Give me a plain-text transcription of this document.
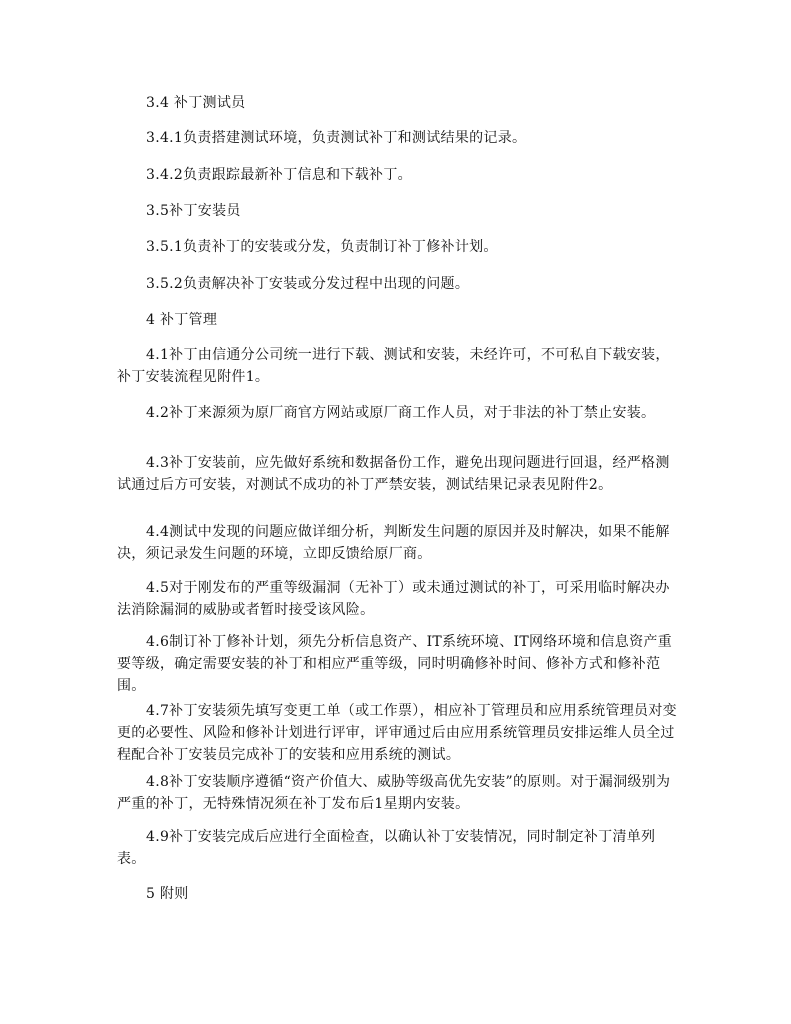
3.4 补丁测试员

3.4.1负责搭建测试环境，负责测试补丁和测试结果的记录。

3.4.2负责跟踪最新补丁信息和下载补丁。

3.5补丁安装员

3.5.1负责补丁的安装或分发，负责制订补丁修补计划。

3.5.2负责解决补丁安装或分发过程中出现的问题。

4 补丁管理

4.1补丁由信通分公司统一进行下载、测试和安装，未经许可，不可私自下载安装，补丁安装流程见附件1。

4.2补丁来源须为原厂商官方网站或原厂商工作人员，对于非法的补丁禁止安装。

4.3补丁安装前，应先做好系统和数据备份工作，避免出现问题进行回退，经严格测试通过后方可安装，对测试不成功的补丁严禁安装，测试结果记录表见附件2。

4.4测试中发现的问题应做详细分析，判断发生问题的原因并及时解决，如果不能解决，须记录发生问题的环境，立即反馈给原厂商。

4.5对于刚发布的严重等级漏洞（无补丁）或未通过测试的补丁，可采用临时解决办法消除漏洞的威胁或者暂时接受该风险。

4.6制订补丁修补计划，须先分析信息资产、IT系统环境、IT网络环境和信息资产重要等级，确定需要安装的补丁和相应严重等级，同时明确修补时间、修补方式和修补范围。

4.7补丁安装须先填写变更工单（或工作票），相应补丁管理员和应用系统管理员对变更的必要性、风险和修补计划进行评审，评审通过后由应用系统管理员安排运维人员全过程配合补丁安装员完成补丁的安装和应用系统的测试。

4.8补丁安装顺序遵循“资产价值大、威胁等级高优先安装”的原则。对于漏洞级别为严重的补丁，无特殊情况须在补丁发布后1星期内安装。

4.9补丁安装完成后应进行全面检查，以确认补丁安装情况，同时制定补丁清单列表。

5 附则
